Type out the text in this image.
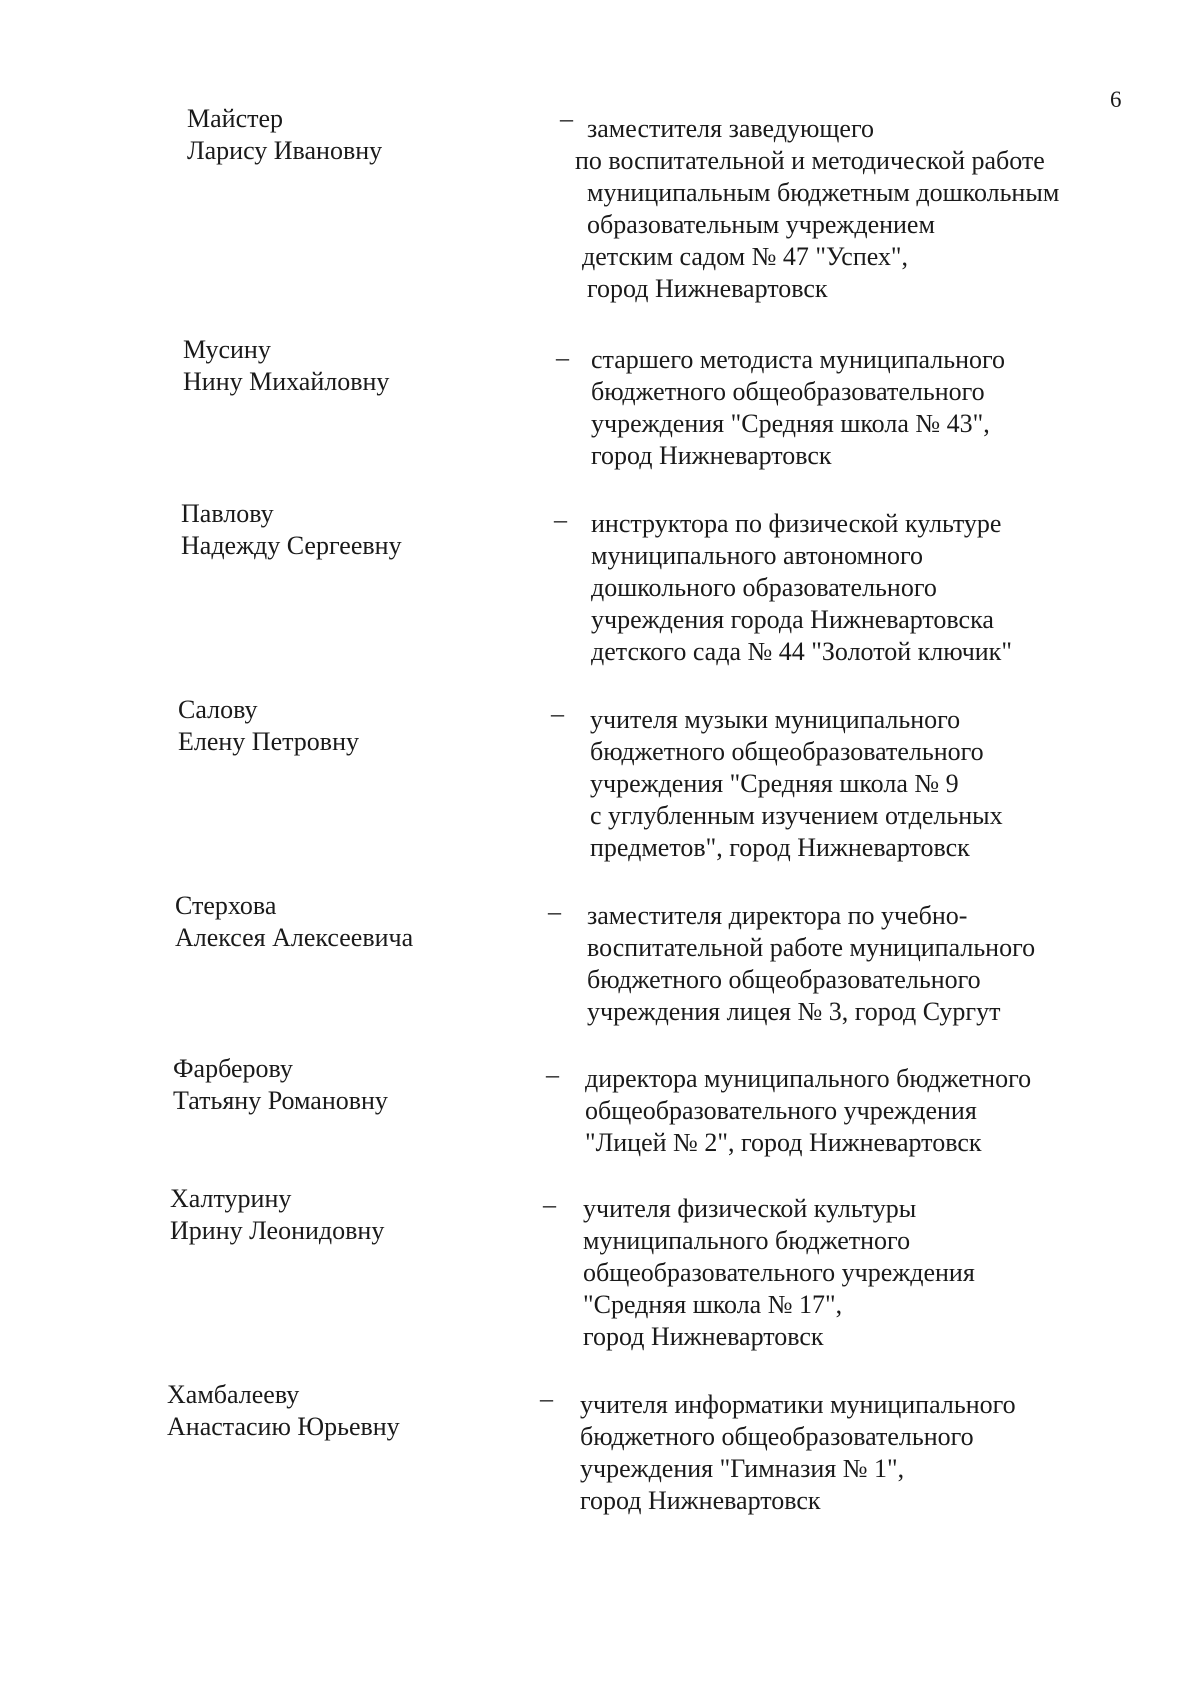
6
Майстер
Ларису Ивановну
– заместителя заведующего
по воспитательной и методической работе
муниципальным бюджетным дошкольным
образовательным учреждением
детским садом № 47 "Успех",
город Нижневартовск
Мусину
Нину Михайловну
– старшего методиста муниципального
бюджетного общеобразовательного
учреждения "Средняя школа № 43",
город Нижневартовск
Павлову
Надежду Сергеевну
– инструктора по физической культуре
муниципального автономного
дошкольного образовательного
учреждения города Нижневартовска
детского сада № 44 "Золотой ключик"
Салову
Елену Петровну
– учителя музыки муниципального
бюджетного общеобразовательного
учреждения "Средняя школа № 9
с углубленным изучением отдельных
предметов", город Нижневартовск
Стерхова
Алексея Алексеевича
– заместителя директора по учебно-
воспитательной работе муниципального
бюджетного общеобразовательного
учреждения лицея № 3, город Сургут
Фарберову
Татьяну Романовну
– директора муниципального бюджетного
общеобразовательного учреждения
"Лицей № 2", город Нижневартовск
Халтурину
Ирину Леонидовну
– учителя физической культуры
муниципального бюджетного
общеобразовательного учреждения
"Средняя школа № 17",
город Нижневартовск
Хамбалееву
Анастасию Юрьевну
– учителя информатики муниципального
бюджетного общеобразовательного
учреждения "Гимназия № 1",
город Нижневартовск
